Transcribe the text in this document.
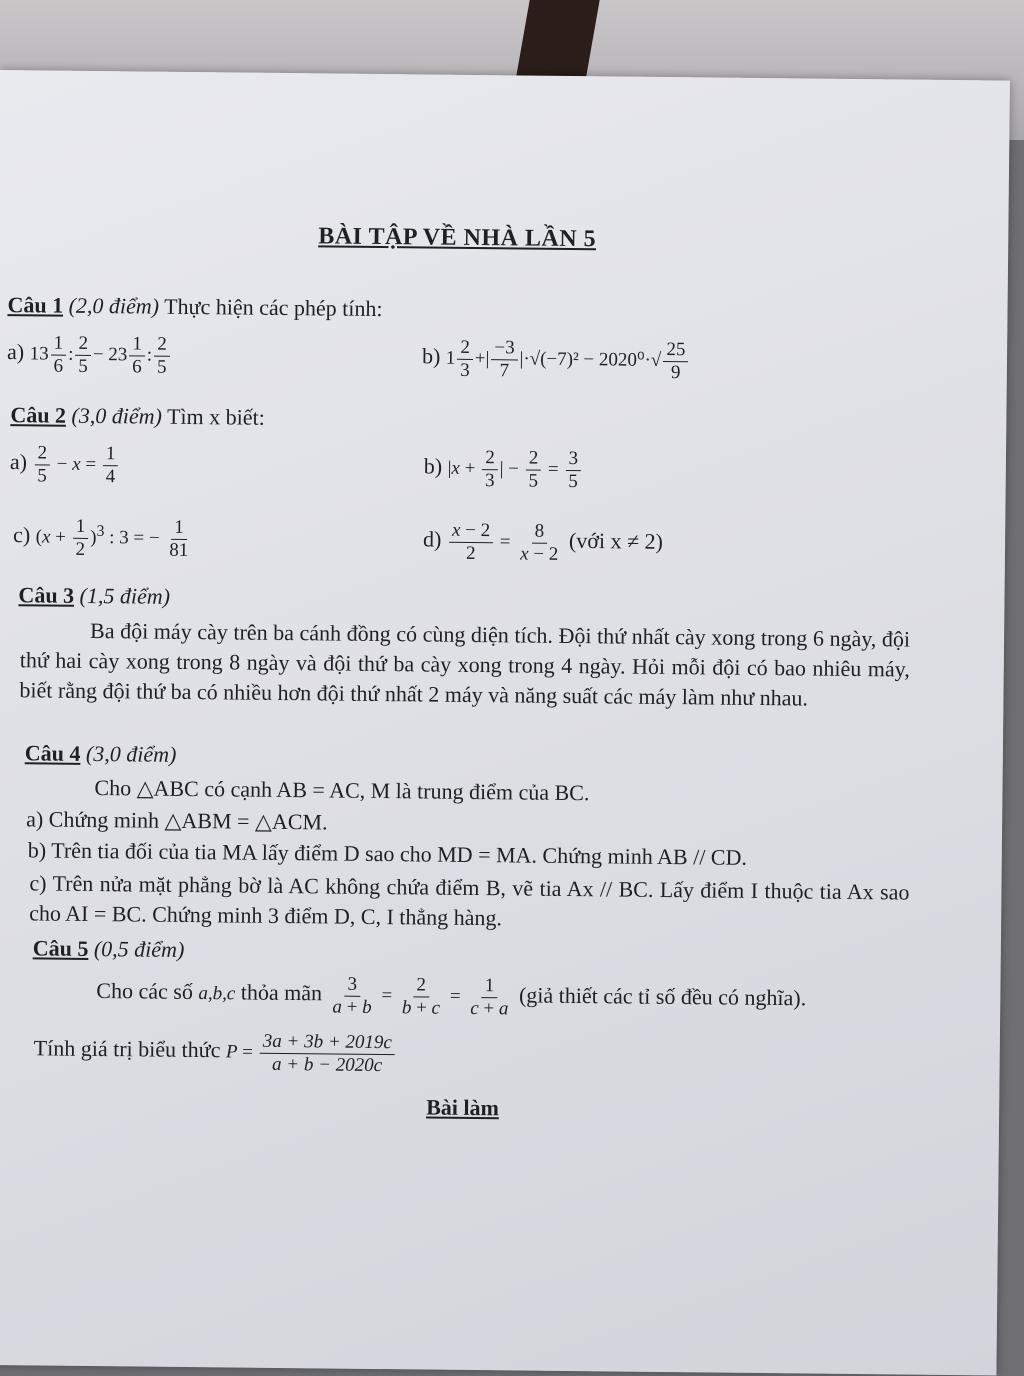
BÀI TẬP VỀ NHÀ LẦN 5
Câu 1 (2,0 điểm) Thực hiện các phép tính:
a) $13 \frac{1}{6}$ : $\frac{2}{5} - 23 \frac{1}{6}$ : $\frac{2}{5}$	b) $1 \frac{2}{3}$ +| $\frac{-3}{7} |\cdot√(-7)^2 - 2020^0\cdot√ \frac{25}{9}$
Câu 2 (3,0 điểm) Tìm x biết:
$a) \frac{2}{5} - x = \frac{1}{4}$	b) $|x + \frac{2}{3}$ | − $\frac{2}{5} = \frac{3}{5}$
c) $(x + \frac{1}{2} )^3$ : 3 = − $\frac{1}{81}$	$d) \frac{x - 2}{2} = \frac{8}{x - 2}$ (với x ≠ 2)
Câu 3 (1,5 điểm)
Ba đội máy cày trên ba cánh đồng có cùng diện tích. Đội thứ nhất cày xong trong 6 ngày, đội thứ hai cày xong trong 8 ngày và đội thứ ba cày xong trong 4 ngày. Hỏi mỗi đội có bao nhiêu máy, biết rằng đội thứ ba có nhiều hơn đội thứ nhất 2 máy và năng suất các máy làm như nhau.
Câu 4 (3,0 điểm)
Cho △ABC có cạnh AB = AC, M là trung điểm của BC.
a) Chứng minh △ABM = △ACM.
b) Trên tia đối của tia MA lấy điểm D sao cho MD = MA. Chứng minh AB // CD.
c) Trên nửa mặt phẳng bờ là AC không chứa điểm B, vẽ tia Ax // BC. Lấy điểm I thuộc tia Ax sao cho AI = BC. Chứng minh 3 điểm D, C, I thẳng hàng.
Câu 5 (0,5 điểm)
Cho các số a,b,c thỏa mãn $\frac{3}{a + b} = \frac{2}{b + c} = \frac{1}{c + a}$ (giả thiết các tỉ số đều có nghĩa).
Tính giá trị biểu thức $P = \frac{3a + 3b + 2019c}{a + b - 2020c}$
Bài làm
